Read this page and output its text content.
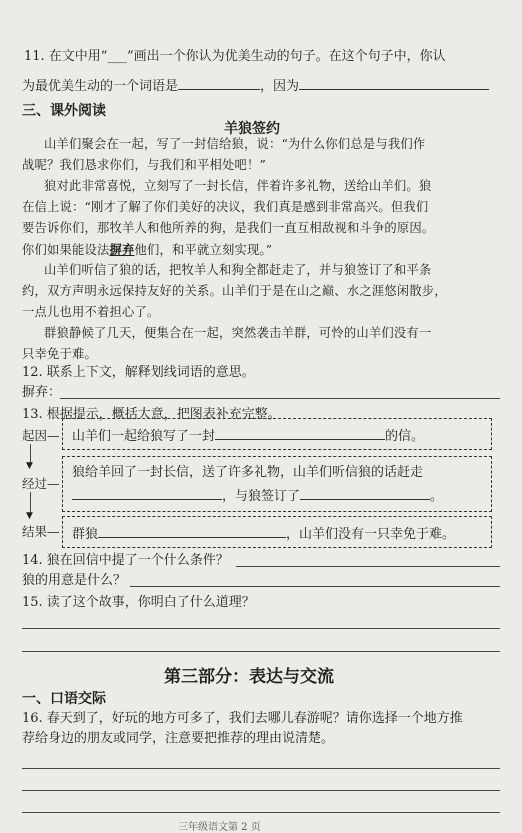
11. 在文中用“___”画出一个你认为优美生动的句子。在这个句子中，你认
为最优美生动的一个词语是	，因为
三、课外阅读
羊狼签约
山羊们聚会在一起，写了一封信给狼，说：“为什么你们总是与我们作
战呢？我们恳求你们，与我们和平相处吧！”
狼对此非常喜悦，立刻写了一封长信，伴着许多礼物，送给山羊们。狼
在信上说：“刚才了解了你们美好的决议，我们真是感到非常高兴。但我们
要告诉你们，那牧羊人和他所养的狗，是我们一直互相敌视和斗争的原因。
你们如果能设法摒弃他们，和平就立刻实现。”
山羊们听信了狼的话，把牧羊人和狗全都赶走了，并与狼签订了和平条
约，双方声明永远保持友好的关系。山羊们于是在山之巅、水之涯悠闲散步，
一点儿也用不着担心了。
群狼静候了几天，便集合在一起，突然袭击羊群，可怜的山羊们没有一
只幸免于难。
12. 联系上下文，解释划线词语的意思。
摒弃：
13. 根据提示，概括大意，把图表补充完整。
起因—
▼
经过—
▼
结果—
山羊们一起给狼写了一封	的信。
狼给羊回了一封长信，送了许多礼物，山羊们听信狼的话赶走
，与狼签订了	。
群狼	，山羊们没有一只幸免于难。
14. 狼在回信中提了一个什么条件？
狼的用意是什么？
15. 读了这个故事，你明白了什么道理？
第三部分：表达与交流
一、口语交际
16. 春天到了，好玩的地方可多了，我们去哪儿春游呢？请你选择一个地方推
荐给身边的朋友或同学，注意要把推荐的理由说清楚。
三年级语文第 2 页
